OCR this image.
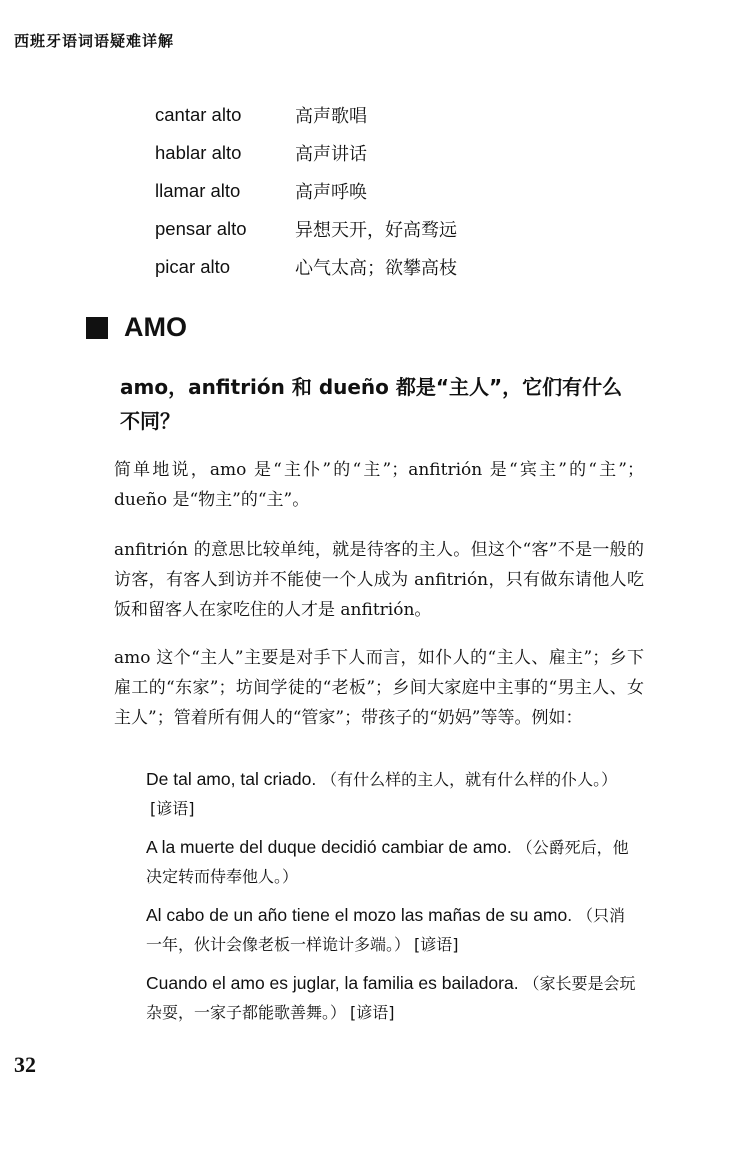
西班牙语词语疑难详解
cantar alto	高声歌唱
hablar alto	高声讲话
llamar alto	高声呼唤
pensar alto	异想天开，好高骛远
picar alto	心气太高；欲攀高枝
AMO
amo，anfitrión 和 dueño 都是“主人”，它们有什么不同？
简单地说，amo 是“主仆”的“主”；anfitrión 是“宾主”的“主”；dueño 是“物主”的“主”。
anfitrión 的意思比较单纯，就是待客的主人。但这个“客”不是一般的访客，有客人到访并不能使一个人成为 anfitrión，只有做东请他人吃饭和留客人在家吃住的人才是 anfitrión。
amo 这个“主人”主要是对手下人而言，如仆人的“主人、雇主”；乡下雇工的“东家”；坊间学徒的“老板”；乡间大家庭中主事的“男主人、女主人”；管着所有佣人的“管家”；带孩子的“奶妈”等等。例如：
De tal amo, tal criado. （有什么样的主人，就有什么样的仆人。）[谚语]
A la muerte del duque decidió cambiar de amo. （公爵死后，他决定转而侍奉他人。）
Al cabo de un año tiene el mozo las mañas de su amo. （只消一年，伙计会像老板一样诡计多端。） [谚语]
Cuando el amo es juglar, la familia es bailadora. （家长要是会玩杂耍，一家子都能歌善舞。） [谚语]
32
